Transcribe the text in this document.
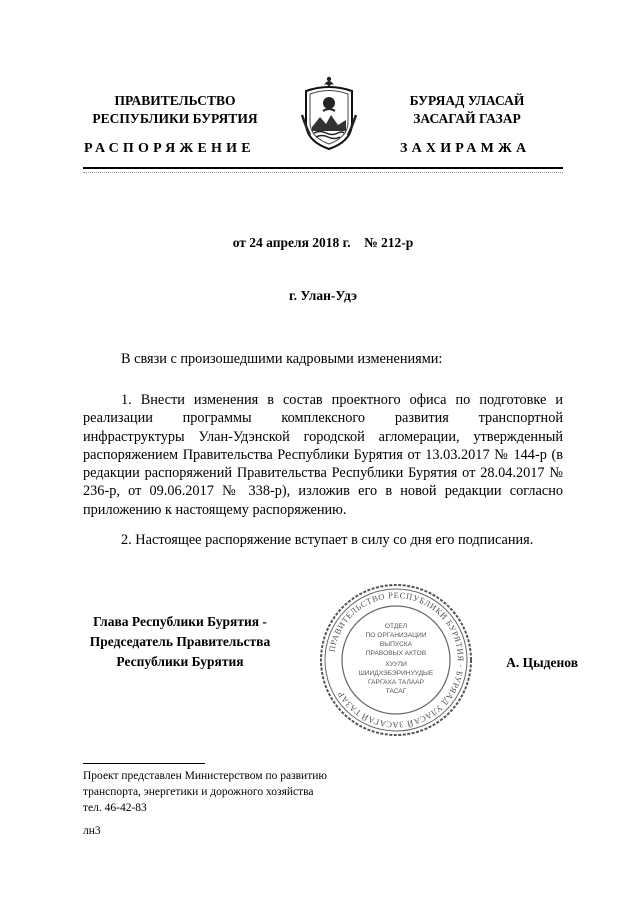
ПРАВИТЕЛЬСТВО
РЕСПУБЛИКИ БУРЯТИЯ
БУРЯАД УЛАСАЙ
ЗАСАГАЙ ГАЗАР
РАСПОРЯЖЕНИЕ	ЗАХИРАМЖА
от 24 апреля 2018 г.    № 212-р
г. Улан-Удэ
В связи с произошедшими кадровыми изменениями:
1. Внести изменения в состав проектного офиса по подготовке и реализации программы комплексного развития транспортной инфраструктуры Улан-Удэнской городской агломерации, утвержденный распоряжением Правительства Республики Бурятия от 13.03.2017 № 144-р (в редакции распоряжений Правительства Республики Бурятия от 28.04.2017 № 236-р, от 09.06.2017 № 338-р), изложив его в новой редакции согласно приложению к настоящему распоряжению.
2. Настоящее распоряжение вступает в силу со дня его подписания.
Глава Республики Бурятия -
Председатель Правительства
Республики Бурятия
ПРАВИТЕЛЬСТВО РЕСПУБЛИКИ БУРЯТИЯ · БУРЯАД УЛАСАЙ ЗАСАГАЙ ГАЗАР
ОТДЕЛ
ПО ОРГАНИЗАЦИИ
ВЫПУСКА
ПРАВОВЫХ АКТОВ
ХУУЛИ
ШИИДХЭБЭРИНУУДЫЕ
ГАРГАХА ТАЛААР
ТАСАГ
А. Цыденов
Проект представлен Министерством по развитию
транспорта, энергетики и дорожного хозяйства
тел. 46-42-83
лн3
